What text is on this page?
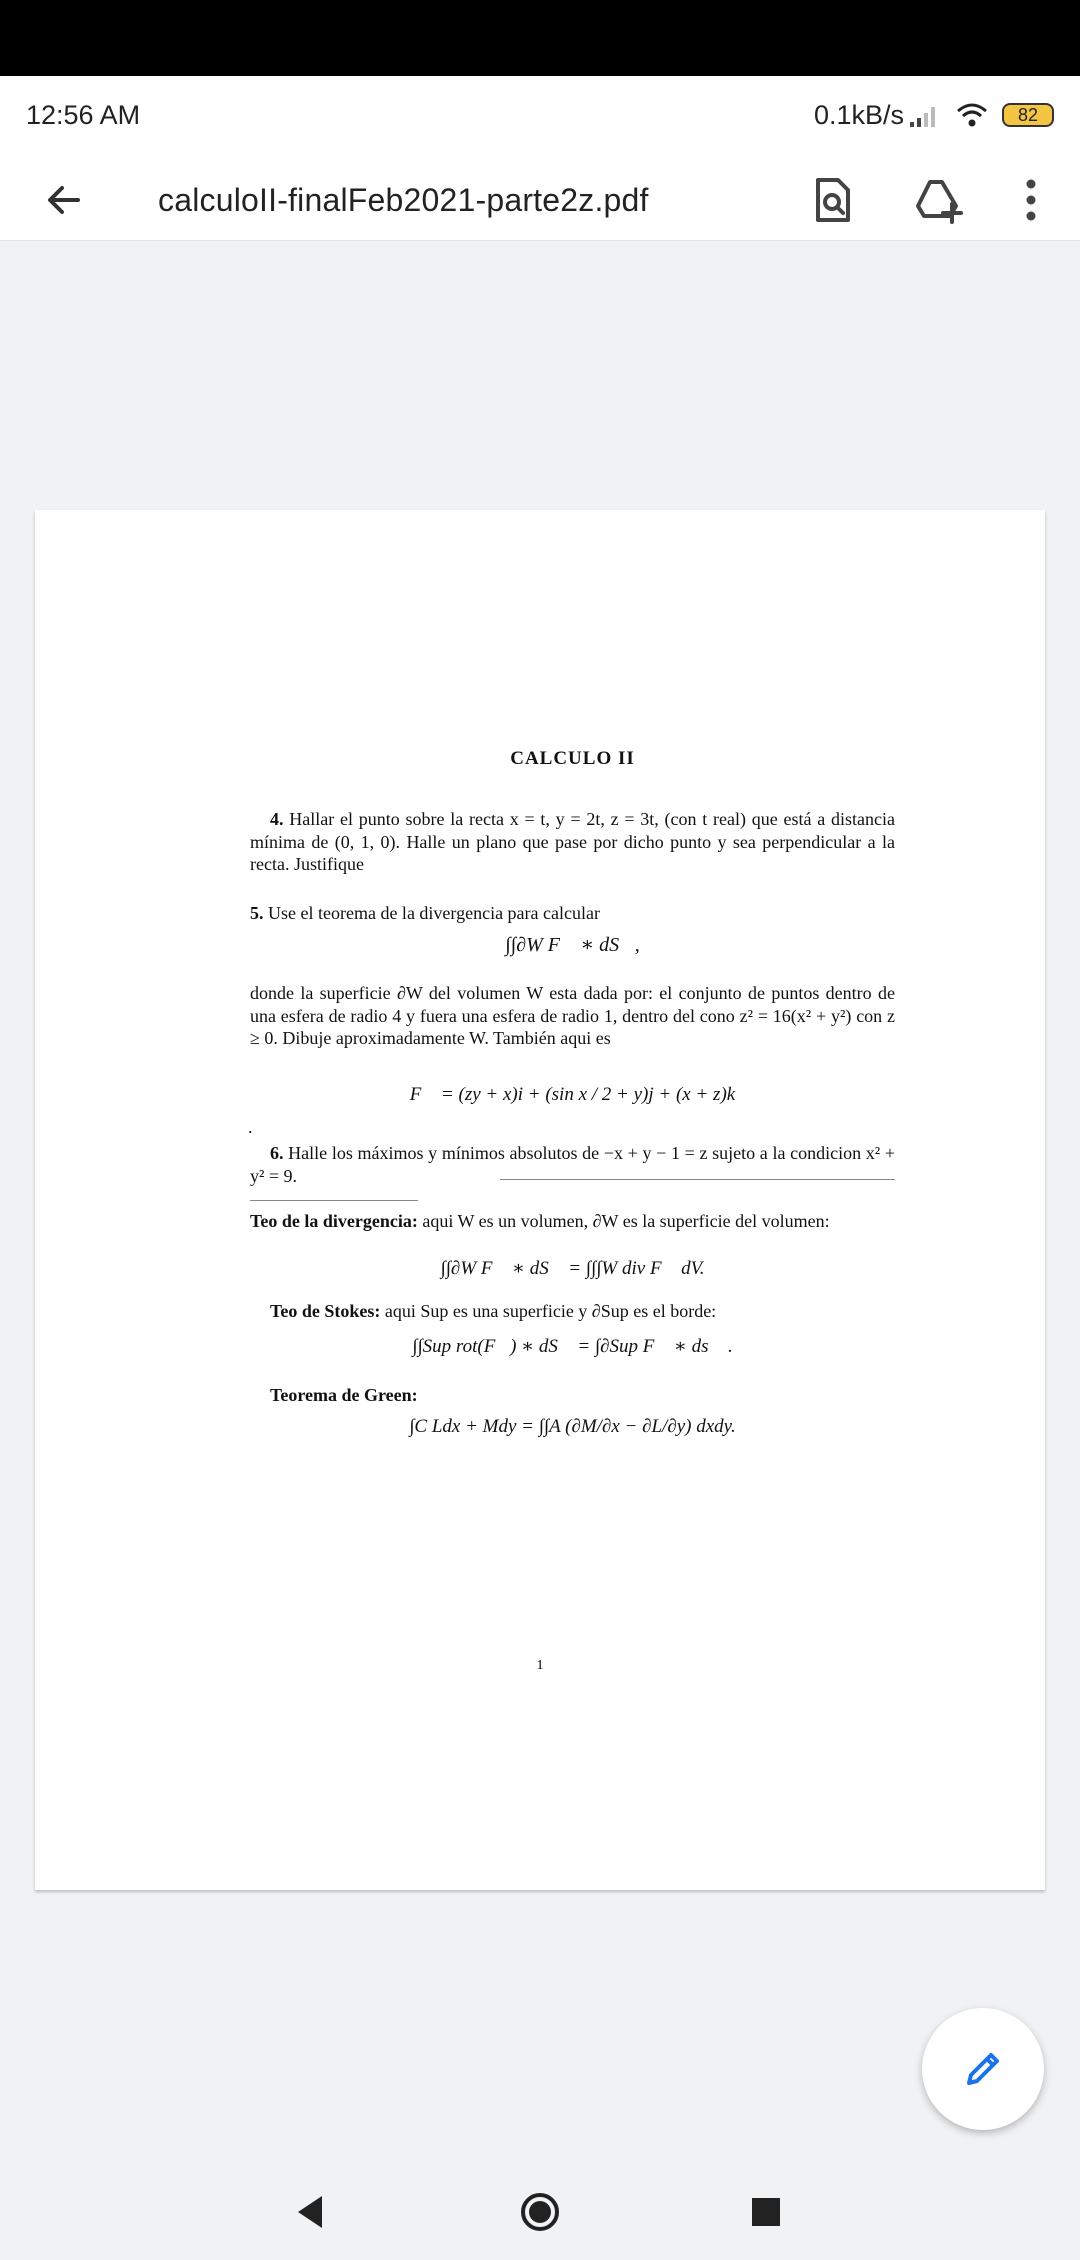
12:56 AM	0.1kB/s	82
calculoII-finalFeb2021-parte2z.pdf
CALCULO II
4. Hallar el punto sobre la recta x = t, y = 2t, z = 3t, (con t real) que está a distancia mínima de (0, 1, 0). Halle un plano que pase por dicho punto y sea perpendicular a la recta. Justifique
5. Use el teorema de la divergencia para calcular
∫∫∂W F⃗ ∗ dS⃗,
donde la superficie ∂W del volumen W esta dada por: el conjunto de puntos dentro de una esfera de radio 4 y fuera una esfera de radio 1, dentro del cono z² = 16(x² + y²) con z ≥ 0. Dibuje aproximadamente W. También aqui es
F⃗ = (zy + x)i + (sin x / 2 + y)j + (x + z)k
.
6. Halle los máximos y mínimos absolutos de −x + y − 1 = z sujeto a la condicion x² + y² = 9.
Teo de la divergencia: aqui W es un volumen, ∂W es la superficie del volumen:
∫∫∂W F⃗ ∗ dS⃗ = ∫∫∫W div F⃗ dV.
Teo de Stokes: aqui Sup es una superficie y ∂Sup es el borde:
∫∫Sup rot(F⃗) ∗ dS⃗ = ∫∂Sup F⃗ ∗ ds⃗ .
Teorema de Green:
∫C Ldx + Mdy = ∫∫A (∂M/∂x − ∂L/∂y) dxdy.
1
